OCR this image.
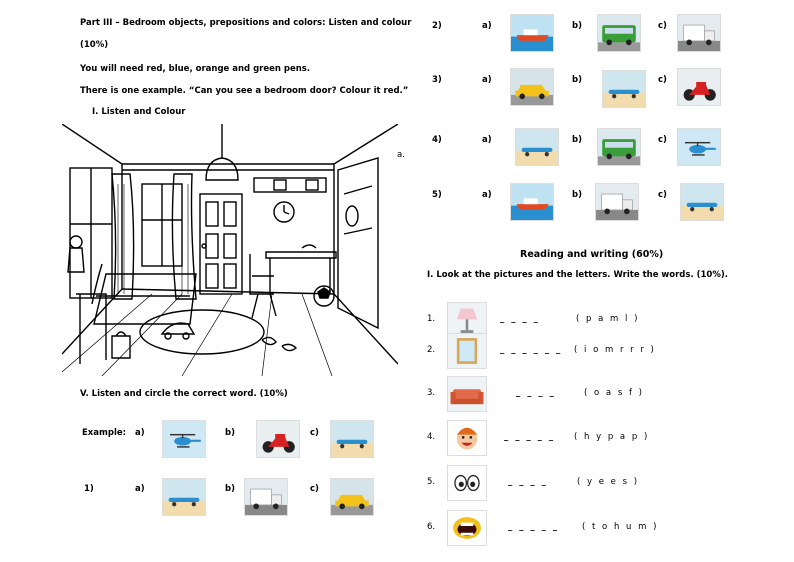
Part III – Bedroom objects, prepositions and colors: Listen and colour
(10%)
You will need red, blue, orange and green pens.
There is one example. “Can you see a bedroom door? Colour it red.”
I. Listen and Colour
a.
V. Listen and circle the correct word. (10%)
Example: a)	b)	c)
1)	a)	b)	c)
2)	a)	b)	c)
3)	a)	b)	c)
4)	a)	b)	c)
5)	a)	b)	c)
Reading and writing (60%)
I. Look at the pictures and the letters. Write the words. (10%).
1.	_ _ _ _	( p a m l )
2.	_ _ _ _ _ _ ( i o m r r r )
3.	_ _ _ _	( o a s f )
4.	_ _ _ _ _ ( h y p a p )
5.	_ _ _ _	( y e e s )
6.	_ _ _ _ _	( t o h u m )
